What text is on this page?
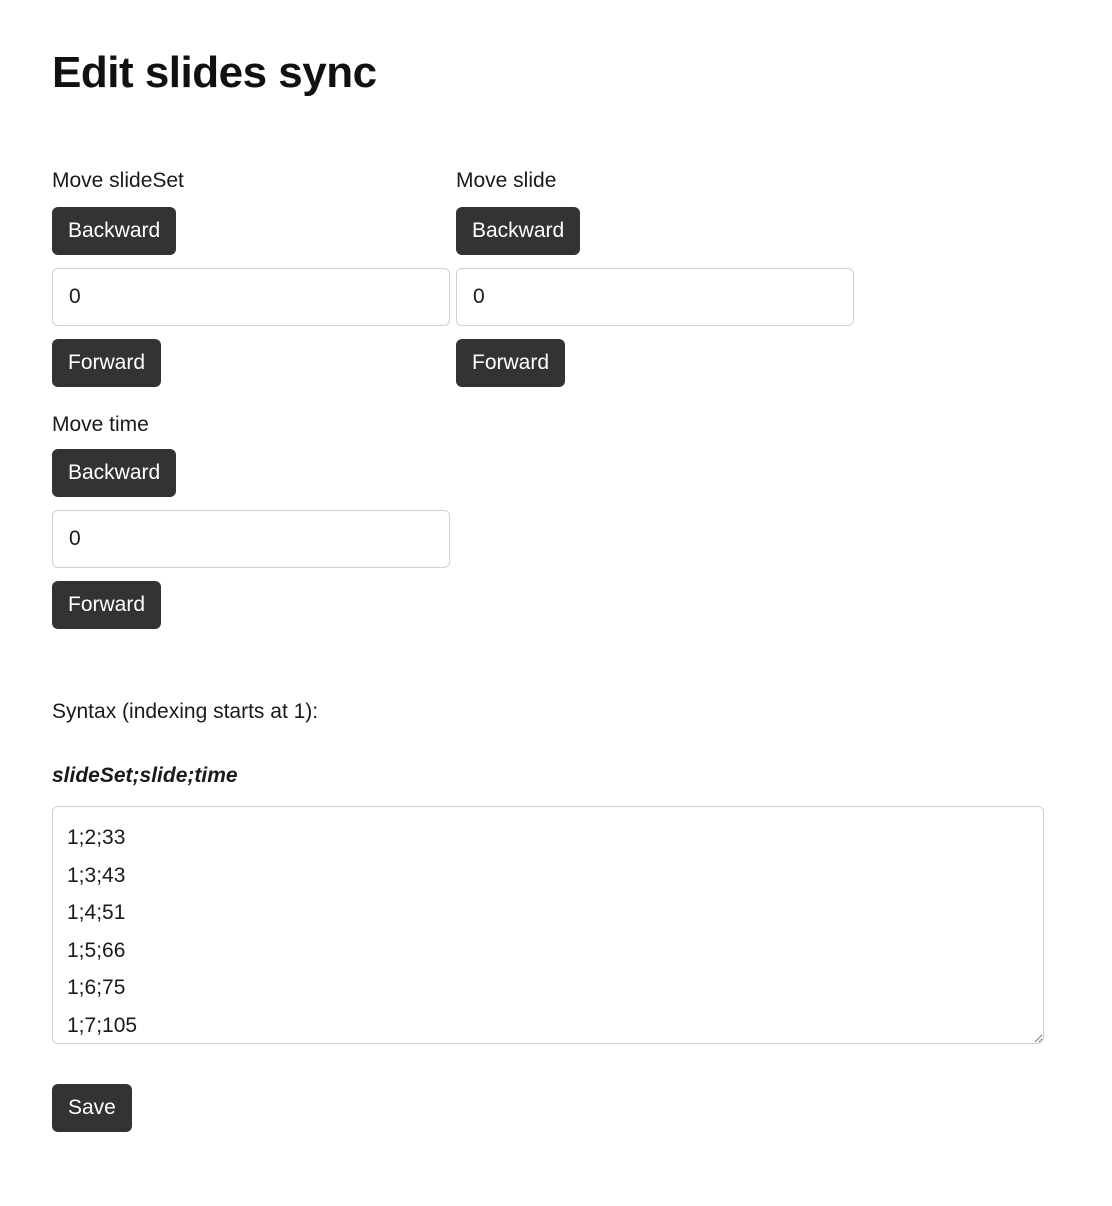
Edit slides sync
Move slideSet
Backward
0 Forward
Move slide
Backward
0 Forward
Move time
Backward
0 Forward
Syntax (indexing starts at 1):
slideSet;slide;time
1;2;33 1;3;43 1;4;51 1;5;66 1;6;75 1;7;105
Save
